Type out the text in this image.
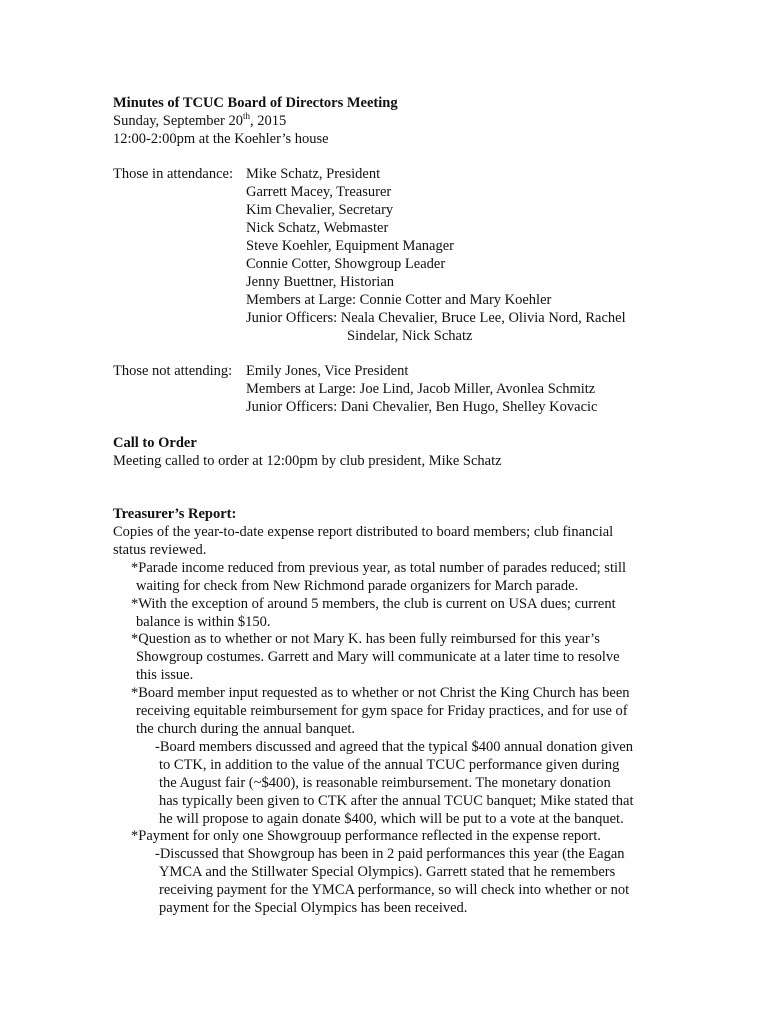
Minutes of TCUC Board of Directors Meeting
Sunday, September 20th, 2015
12:00-2:00pm at the Koehler’s house
Those in attendance: Mike Schatz, President
Garrett Macey, Treasurer
Kim Chevalier, Secretary
Nick Schatz, Webmaster
Steve Koehler, Equipment Manager
Connie Cotter, Showgroup Leader
Jenny Buettner, Historian
Members at Large: Connie Cotter and Mary Koehler
Junior Officers: Neala Chevalier, Bruce Lee, Olivia Nord, Rachel
Sindelar, Nick Schatz
Those not attending: Emily Jones, Vice President
Members at Large: Joe Lind, Jacob Miller, Avonlea Schmitz
Junior Officers: Dani Chevalier, Ben Hugo, Shelley Kovacic
Call to Order
Meeting called to order at 12:00pm by club president, Mike Schatz
Treasurer’s Report:
Copies of the year-to-date expense report distributed to board members; club financial
status reviewed.
*Parade income reduced from previous year, as total number of parades reduced; still
waiting for check from New Richmond parade organizers for March parade.
*With the exception of around 5 members, the club is current on USA dues; current
balance is within $150.
*Question as to whether or not Mary K. has been fully reimbursed for this year’s
Showgroup costumes. Garrett and Mary will communicate at a later time to resolve
this issue.
*Board member input requested as to whether or not Christ the King Church has been
receiving equitable reimbursement for gym space for Friday practices, and for use of
the church during the annual banquet.
-Board members discussed and agreed that the typical $400 annual donation given
to CTK, in addition to the value of the annual TCUC performance given during
the August fair (~$400), is reasonable reimbursement. The monetary donation
has typically been given to CTK after the annual TCUC banquet; Mike stated that
he will propose to again donate $400, which will be put to a vote at the banquet.
*Payment for only one Showgrouup performance reflected in the expense report.
-Discussed that Showgroup has been in 2 paid performances this year (the Eagan
YMCA and the Stillwater Special Olympics). Garrett stated that he remembers
receiving payment for the YMCA performance, so will check into whether or not
payment for the Special Olympics has been received.
